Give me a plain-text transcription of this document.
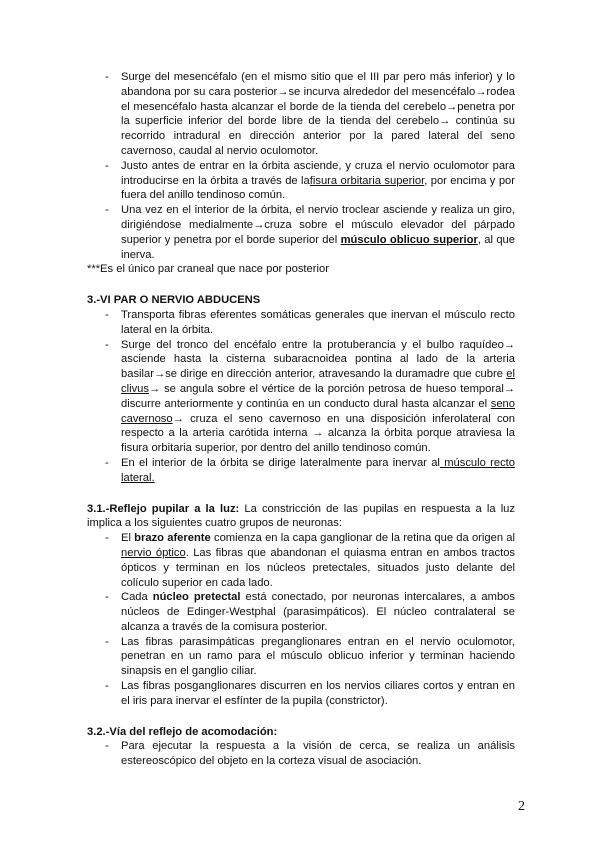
- Surge del mesencéfalo (en el mismo sitio que el III par pero más inferior) y lo abandona por su cara posterior→se incurva alrededor del mesencéfalo→rodea el mesencéfalo hasta alcanzar el borde de la tienda del cerebelo→penetra por la superficie inferior del borde libre de la tienda del cerebelo→ continúa su recorrido intradural en dirección anterior por la pared lateral del seno cavernoso, caudal al nervio oculomotor.
- Justo antes de entrar en la órbita asciende, y cruza el nervio oculomotor para introducirse en la órbita a través de lafisura orbitaria superior, por encima y por fuera del anillo tendinoso común.
- Una vez en el interior de la órbita, el nervio troclear asciende y realiza un giro, dirigiéndose medialmente→cruza sobre el músculo elevador del párpado superior y penetra por el borde superior del músculo oblicuo superior, al que inerva.

***Es el único par craneal que nace por posterior

3.-VI PAR O NERVIO ABDUCENS

- Transporta fibras eferentes somáticas generales que inervan el músculo recto lateral en la órbita.
- Surge del tronco del encéfalo entre la protuberancia y el bulbo raquídeo→ asciende hasta la cisterna subaracnoidea pontina al lado de la arteria basilar→se dirige en dirección anterior, atravesando la duramadre que cubre el clivus→ se angula sobre el vértice de la porción petrosa de hueso temporal→ discurre anteriormente y continúa en un conducto dural hasta alcanzar el seno cavernoso→ cruza el seno cavernoso en una disposición inferolateral con respecto a la arteria carótida interna → alcanza la órbita porque atraviesa la fisura orbitaria superior, por dentro del anillo tendinoso común.
- En el interior de la órbita se dirige lateralmente para inervar al músculo recto lateral.

3.1.-Reflejo pupilar a la luz: La constricción de las pupilas en respuesta a la luz implica a los siguientes cuatro grupos de neuronas:

- El brazo aferente comienza en la capa ganglionar de la retina que da origen al nervio óptico. Las fibras que abandonan el quiasma entran en ambos tractos ópticos y terminan en los núcleos pretectales, situados justo delante del colículo superior en cada lado.
- Cada núcleo pretectal está conectado, por neuronas intercalares, a ambos núcleos de Edinger-Westphal (parasimpáticos). El núcleo contralateral se alcanza a través de la comisura posterior.
- Las fibras parasimpáticas preganglionares entran en el nervio oculomotor, penetran en un ramo para el músculo oblicuo inferior y terminan haciendo sinapsis en el ganglio ciliar.
- Las fibras posganglionares discurren en los nervios ciliares cortos y entran en el iris para inervar el esfínter de la pupila (constrictor).

3.2.-Vía del reflejo de acomodación:

- Para ejecutar la respuesta a la visión de cerca, se realiza un análisis estereoscópico del objeto en la corteza visual de asociación.
2
